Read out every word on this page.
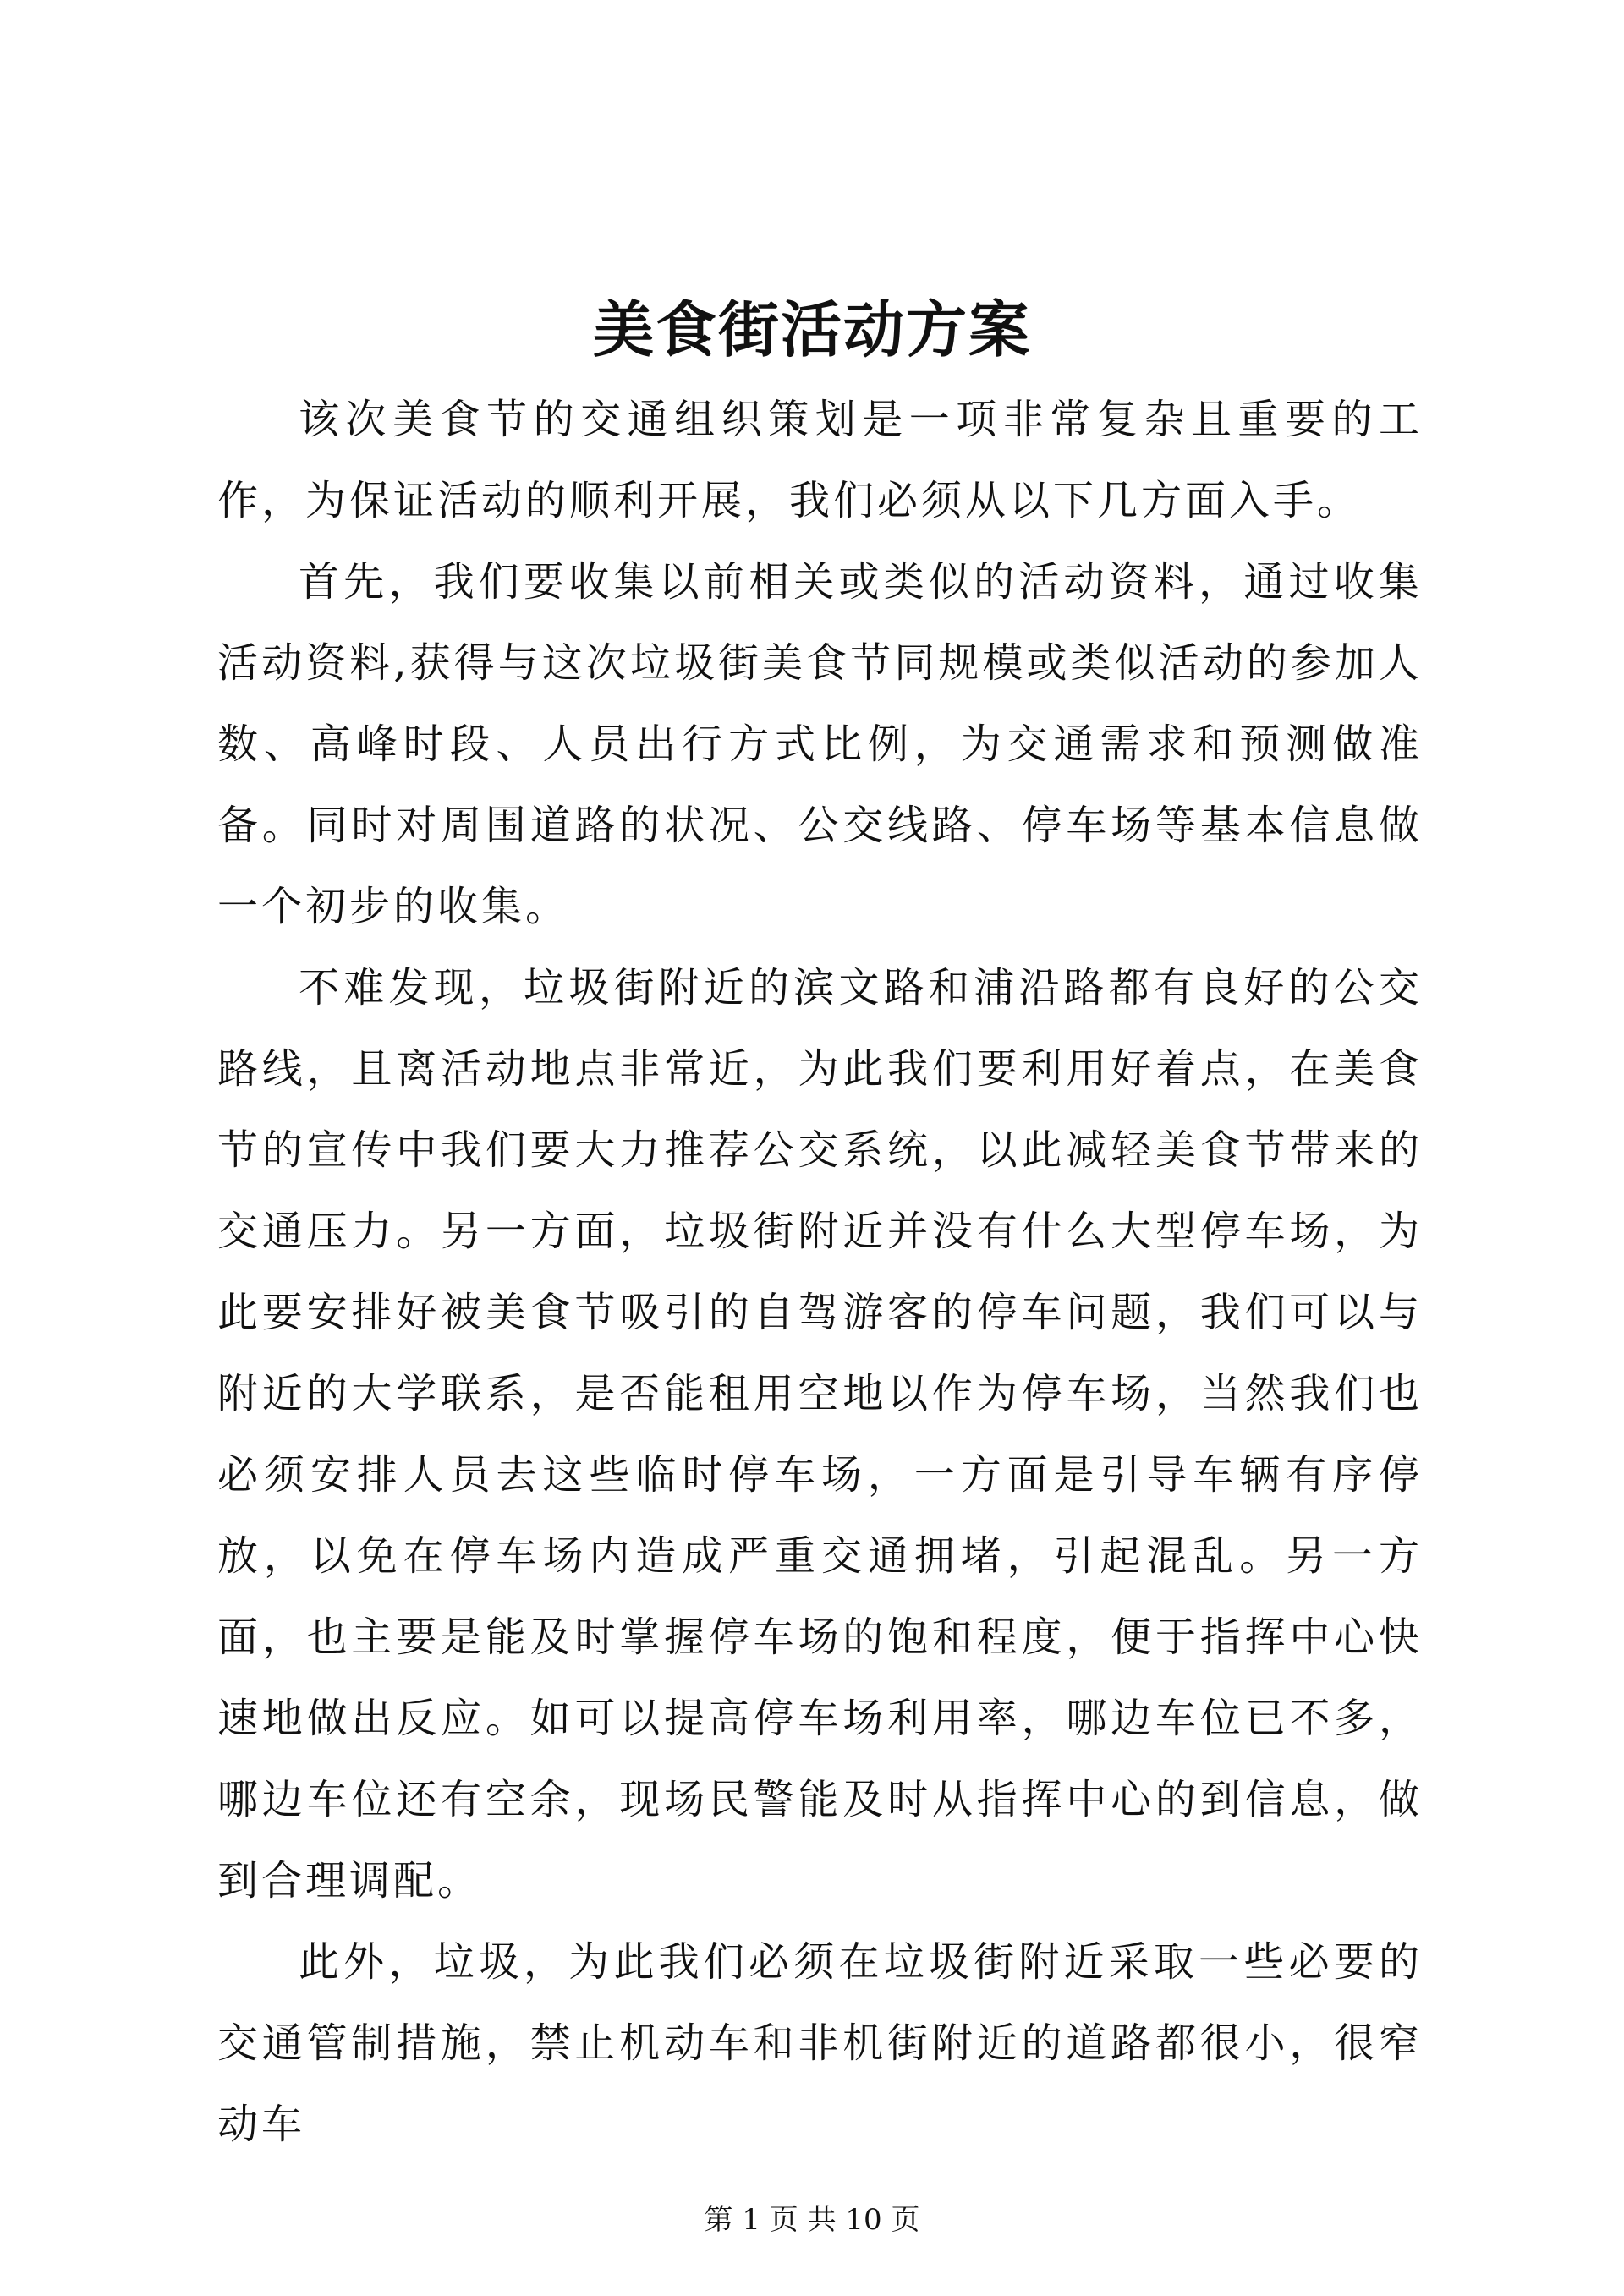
美食街活动方案

该次美食节的交通组织策划是一项非常复杂且重要的工作，为保证活动的顺利开展，我们必须从以下几方面入手。

首先，我们要收集以前相关或类似的活动资料，通过收集活动资料,获得与这次垃圾街美食节同规模或类似活动的参加人数、高峰时段、人员出行方式比例，为交通需求和预测做准备。同时对周围道路的状况、公交线路、停车场等基本信息做一个初步的收集。

不难发现，垃圾街附近的滨文路和浦沿路都有良好的公交路线，且离活动地点非常近，为此我们要利用好着点，在美食节的宣传中我们要大力推荐公交系统，以此减轻美食节带来的交通压力。另一方面，垃圾街附近并没有什么大型停车场，为此要安排好被美食节吸引的自驾游客的停车问题，我们可以与附近的大学联系，是否能租用空地以作为停车场，当然我们也必须安排人员去这些临时停车场，一方面是引导车辆有序停放，以免在停车场内造成严重交通拥堵，引起混乱。另一方面，也主要是能及时掌握停车场的饱和程度，便于指挥中心快速地做出反应。如可以提高停车场利用率，哪边车位已不多，哪边车位还有空余，现场民警能及时从指挥中心的到信息，做到合理调配。

此外，垃圾，为此我们必须在垃圾街附近采取一些必要的交通管制措施，禁止机动车和非机街附近的道路都很小，很窄动车

第 1 页 共 10 页
